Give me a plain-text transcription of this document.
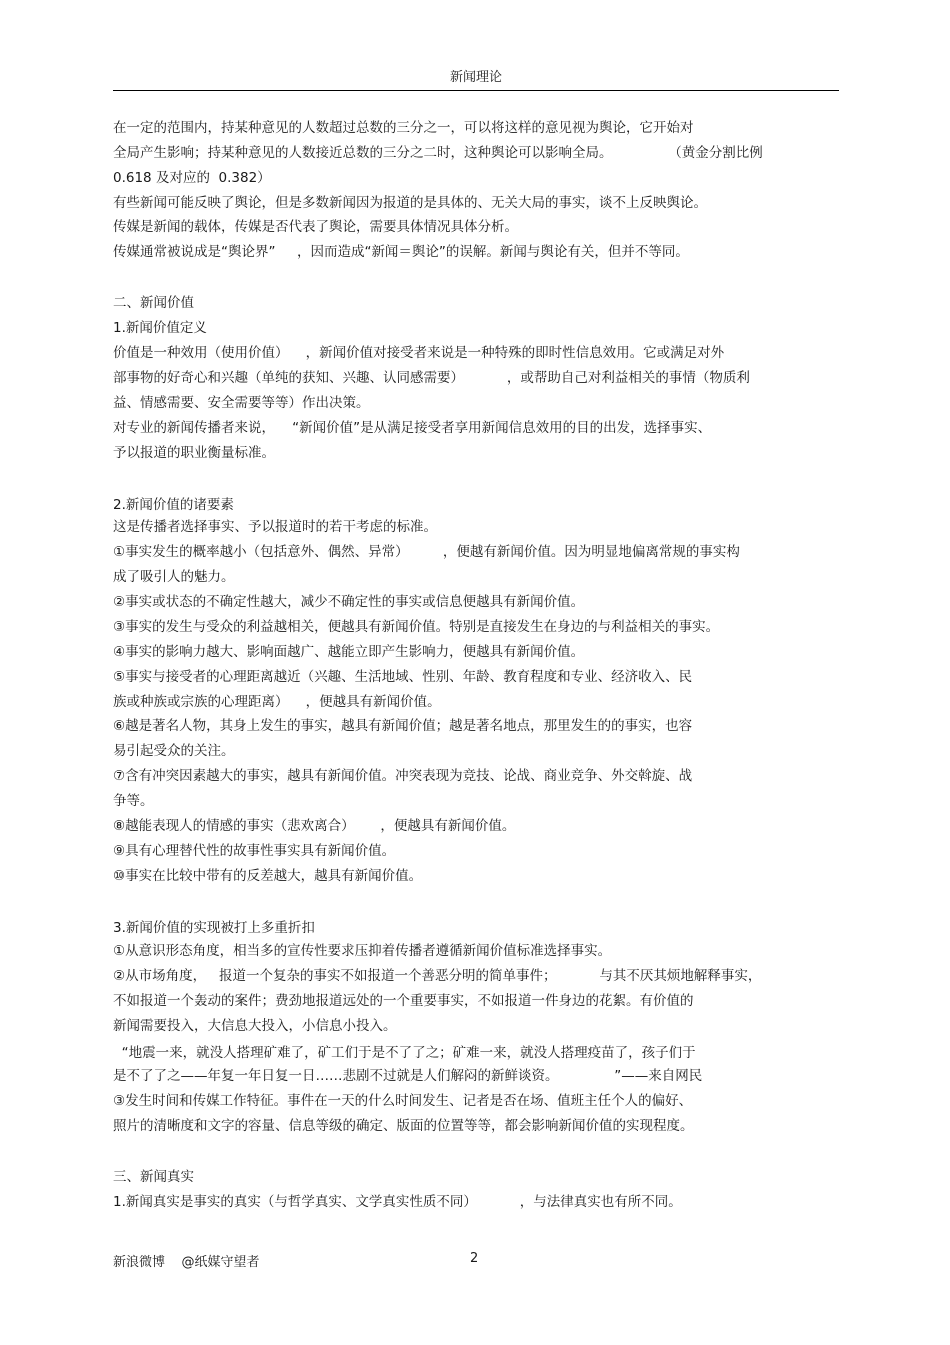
新闻理论
在一定的范围内，持某种意见的人数超过总数的三分之一，可以将这样的意见视为舆论，它开始对
全局产生影响；持某种意见的人数接近总数的三分之二时，这种舆论可以影响全局。             （黄金分割比例
0.618 及对应的  0.382）
有些新闻可能反映了舆论，但是多数新闻因为报道的是具体的、无关大局的事实，谈不上反映舆论。
传媒是新闻的载体，传媒是否代表了舆论，需要具体情况具体分析。
传媒通常被说成是“舆论界”     ，因而造成“新闻＝舆论”的误解。新闻与舆论有关，但并不等同。
二、新闻价值
1.新闻价值定义
价值是一种效用（使用价值）    ，新闻价值对接受者来说是一种特殊的即时性信息效用。它或满足对外
部事物的好奇心和兴趣（单纯的获知、兴趣、认同感需要）          ，或帮助自己对利益相关的事情（物质利
益、情感需要、安全需要等等）作出决策。
对专业的新闻传播者来说，    “新闻价值”是从满足接受者享用新闻信息效用的目的出发，选择事实、
予以报道的职业衡量标准。
2.新闻价值的诸要素
这是传播者选择事实、予以报道时的若干考虑的标准。
①事实发生的概率越小（包括意外、偶然、异常）        ，便越有新闻价值。因为明显地偏离常规的事实构
成了吸引人的魅力。
②事实或状态的不确定性越大，减少不确定性的事实或信息便越具有新闻价值。
③事实的发生与受众的利益越相关，便越具有新闻价值。特别是直接发生在身边的与利益相关的事实。
④事实的影响力越大、影响面越广、越能立即产生影响力，便越具有新闻价值。
⑤事实与接受者的心理距离越近（兴趣、生活地域、性别、年龄、教育程度和专业、经济收入、民
族或种族或宗族的心理距离）    ，便越具有新闻价值。
⑥越是著名人物，其身上发生的事实，越具有新闻价值；越是著名地点，那里发生的的事实，也容
易引起受众的关注。
⑦含有冲突因素越大的事实，越具有新闻价值。冲突表现为竞技、论战、商业竞争、外交斡旋、战
争等。
⑧越能表现人的情感的事实（悲欢离合）      ，便越具有新闻价值。
⑨具有心理替代性的故事性事实具有新闻价值。
⑩事实在比较中带有的反差越大，越具有新闻价值。
3.新闻价值的实现被打上多重折扣
①从意识形态角度，相当多的宣传性要求压抑着传播者遵循新闻价值标准选择事实。
②从市场角度，   报道一个复杂的事实不如报道一个善恶分明的简单事件；          与其不厌其烦地解释事实，
不如报道一个轰动的案件；费劲地报道远处的一个重要事实，不如报道一件身边的花絮。有价值的
新闻需要投入，大信息大投入，小信息小投入。
“地震一来，就没人搭理矿难了，矿工们于是不了了之；矿难一来，就没人搭理疫苗了，孩子们于
是不了了之——年复一年日复一日……悲剧不过就是人们解闷的新鲜谈资。             ”——来自网民
③发生时间和传媒工作特征。事件在一天的什么时间发生、记者是否在场、值班主任个人的偏好、
照片的清晰度和文字的容量、信息等级的确定、版面的位置等等，都会影响新闻价值的实现程度。
三、新闻真实
1.新闻真实是事实的真实（与哲学真实、文学真实性质不同）          ，与法律真实也有所不同。
新浪微博    @纸媒守望者	2
